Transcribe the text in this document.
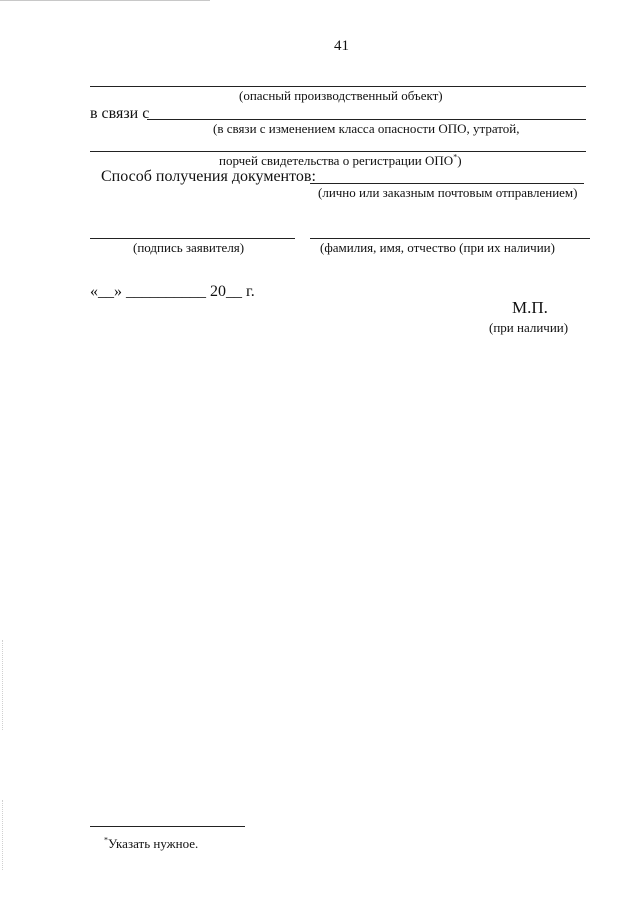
41
(опасный производственный объект)
в связи с
(в связи с изменением класса опасности ОПО, утратой,
порчей свидетельства о регистрации ОПО*)
Способ получения документов:
(лично или заказным почтовым отправлением)
(подпись заявителя)	(фамилия, имя, отчество (при их наличии)
«__» __________ 20__ г.
М.П.
(при наличии)
*Указать нужное.
